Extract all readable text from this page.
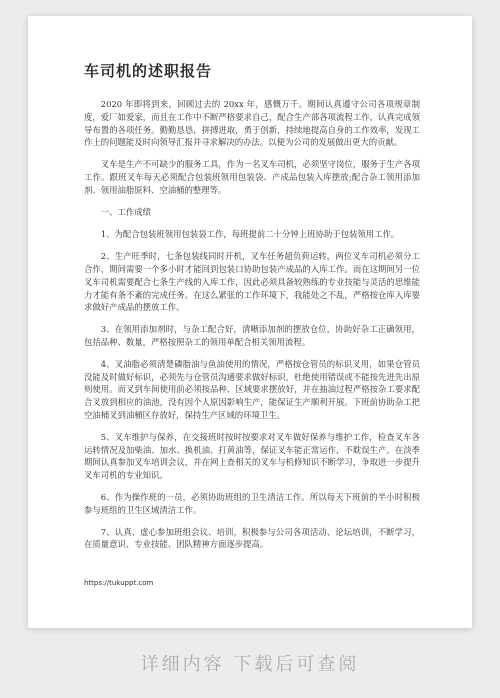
车司机的述职报告

2020 年即将到来，回顾过去的 20xx 年，感慨万千。期间认真遵守公司各项规章制度，爱厂如爱家，而且在工作中不断严格要求自己，配合生产部各项流程工作，认真完成领导布置的各项任务。勤勤恳恳，拼搏进取，勇于创新，持续地提高自身的工作效率，发现工作上的问题能及时向领导汇报并寻求解决的办法。以便为公司的发展做出更大的贡献。

叉车是生产不可缺少的服务工具，作为一名叉车司机，必须坚守岗位，服务于生产各项工作。跟班叉车每天必须配合包装班领用包装袋、产成品包装入库摆放;配合杂工领用添加剂、领用油脂原料、空油桶的整理等。

一、工作成绩

1、为配合包装班领用包装袋工作，每班提前二十分钟上班协助于包装领用工作。

2、生产旺季时，七条包装线同时开机，叉车任务超负荷运转，两位叉车司机必须分工合作，期间需要一个多小时才能回到包装口协助包装产成品的入库工作。而在这期间另一位叉车司机需要配合七条生产线的入库工作，因此必须具备较熟练的专业技能与灵活的思维能力才能有条不紊的完成任务。在这么紧张的工作环境下，我能处之不乱，严格按仓库入库要求做好产成品的摆放工作。

3、在领用添加剂时，与杂工配合好，清晰添加剂的摆放仓位，协助好杂工正确领用，包括品种、数量，严格按照杂工的领用单配合相关领用流程。

4、叉油脂必须清楚磷脂油与鱼油使用的情况，严格按仓管员的标识叉用，如果仓管员没能及时做好标识，必须先与仓管员沟通要求做好标识，杜绝使用错误或不能按先进先出原则使用。而叉到车间使用前必须按品种、区域要求摆放好，并在抽油过程严格按杂工要求配合叉放到相应的油池，没有因个人原因影响生产，能保证生产顺利开展。下班前协助杂工把空油桶叉到油桶区存放好，保持生产区域的环境卫生。

5、叉车维护与保养，在交接班时按时按要求对叉车做好保养与维护工作，检查叉车各运转情况及加柴油、加水、换机油、打黄油等，保证叉车能正常运作，不耽误生产。在淡季期间认真参加叉车培训会议，并在网上查相关的叉车与机修知识不断学习，争取进一步提升叉车司机的专业知识。

6、作为操作班的一员，必须协助班组的卫生清洁工作。所以每天下班前的半小时积极参与班组的卫生区域清洁工作。

7、认真、虚心参加班组会议、培训，积极参与公司各项活动、论坛培训，不断学习，在质量意识、专业技能、团队精神方面逐步提高。

https://tukuppt.com
详细内容 下载后可查阅
